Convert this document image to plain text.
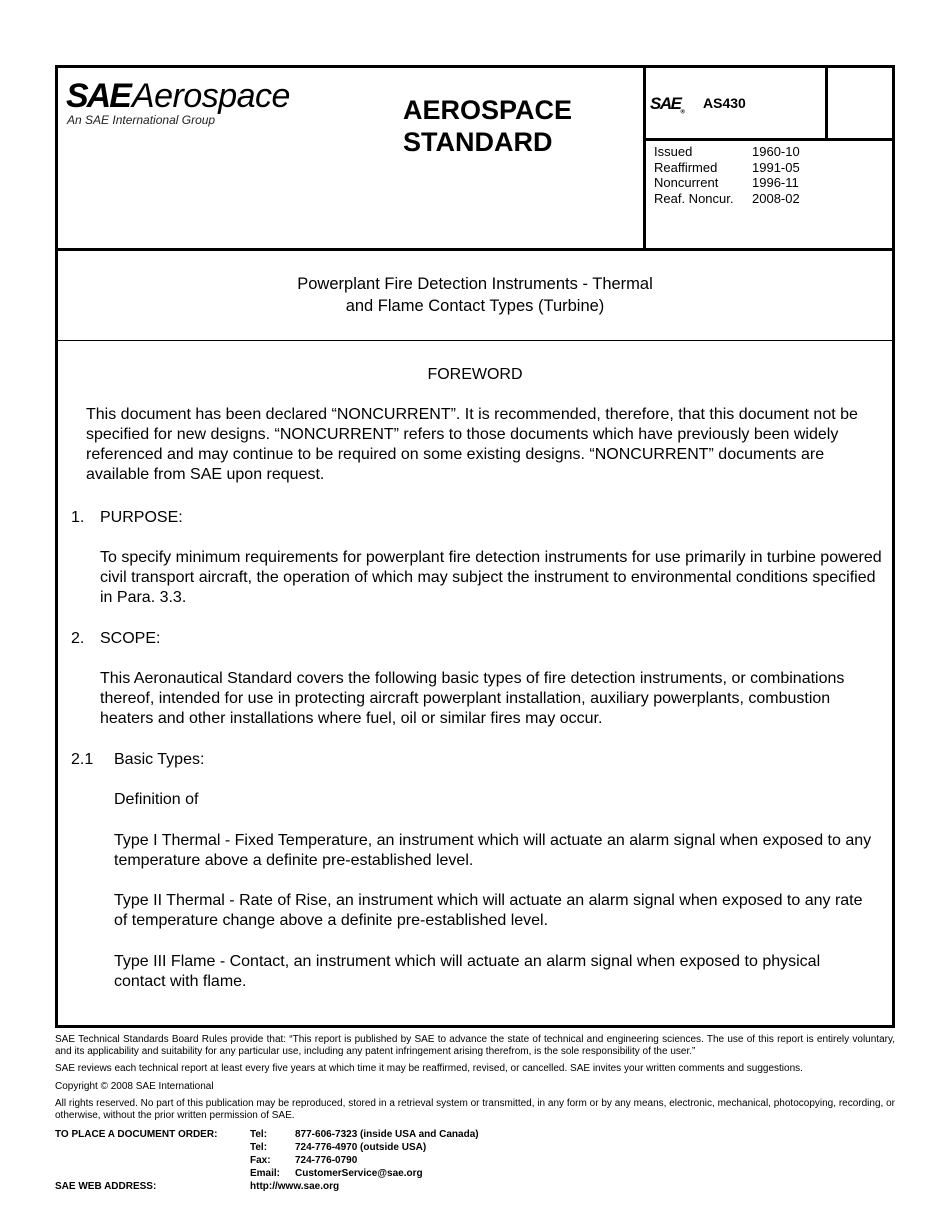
SAEAerospace
An SAE International Group	AEROSPACE
STANDARD
$SAE_®$
AS430
Issued	1960-10
Reaffirmed	1991-05
Noncurrent	1996-11
Reaf. Noncur.	2008-02
Powerplant Fire Detection Instruments - Thermal
and Flame Contact Types (Turbine)
FOREWORD
This document has been declared “NONCURRENT”. It is recommended, therefore, that this document not be specified for new designs. “NONCURRENT” refers to those documents which have previously been widely referenced and may continue to be required on some existing designs. “NONCURRENT” documents are available from SAE upon request.
1. PURPOSE:
To specify minimum requirements for powerplant fire detection instruments for use primarily in turbine powered civil transport aircraft, the operation of which may subject the instrument to environmental conditions specified in Para. 3.3.
2. SCOPE:
This Aeronautical Standard covers the following basic types of fire detection instruments, or combinations thereof, intended for use in protecting aircraft powerplant installation, auxiliary powerplants, combustion heaters and other installations where fuel, oil or similar fires may occur.
2.1 Basic Types:
Definition of
Type I Thermal - Fixed Temperature, an instrument which will actuate an alarm signal when exposed to any temperature above a definite pre-established level.
Type II Thermal - Rate of Rise, an instrument which will actuate an alarm signal when exposed to any rate of temperature change above a definite pre-established level.
Type III Flame - Contact, an instrument which will actuate an alarm signal when exposed to physical contact with flame.

SAE Technical Standards Board Rules provide that: “This report is published by SAE to advance the state of technical and engineering sciences. The use of this report is entirely voluntary, and its applicability and suitability for any particular use, including any patent infringement arising therefrom, is the sole responsibility of the user.”

SAE reviews each technical report at least every five years at which time it may be reaffirmed, revised, or cancelled. SAE invites your written comments and suggestions.

Copyright © 2008 SAE International

All rights reserved. No part of this publication may be reproduced, stored in a retrieval system or transmitted, in any form or by any means, electronic, mechanical, photocopying, recording, or otherwise, without the prior written permission of SAE.

TO PLACE A DOCUMENT ORDER:	Tel:	877-606-7323 (inside USA and Canada)
Tel:	724-776-4970 (outside USA)
Fax:	724-776-0790
Email:	CustomerService@sae.org
SAE WEB ADDRESS:	http://www.sae.org
